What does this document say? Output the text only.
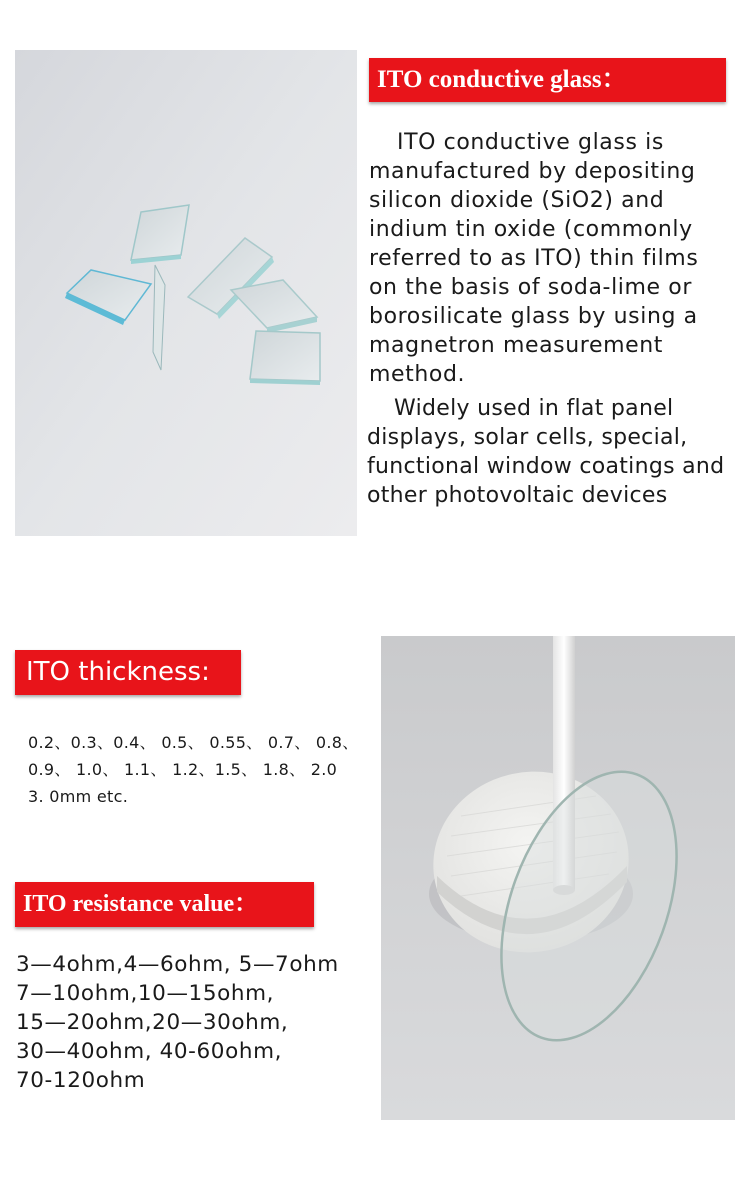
ITO conductive glass：

ITO conductive glass is manufactured by depositing silicon dioxide (SiO2) and indium tin oxide (commonly referred to as ITO) thin films on the basis of soda-lime or borosilicate glass by using a magnetron measurement method.

Widely used in flat panel displays, solar cells, special, functional window coatings and other photovoltaic devices

ITO thickness:
0.2、0.3、0.4、 0.5、 0.55、 0.7、 0.8、
0.9、 1.0、 1.1、 1.2、1.5、 1.8、 2.0
3. 0mm etc.
ITO resistance value：
3—4ohm,4—6ohm, 5—7ohm
7—10ohm,10—15ohm,
15—20ohm,20—30ohm,
30—40ohm, 40-60ohm,
70-120ohm
